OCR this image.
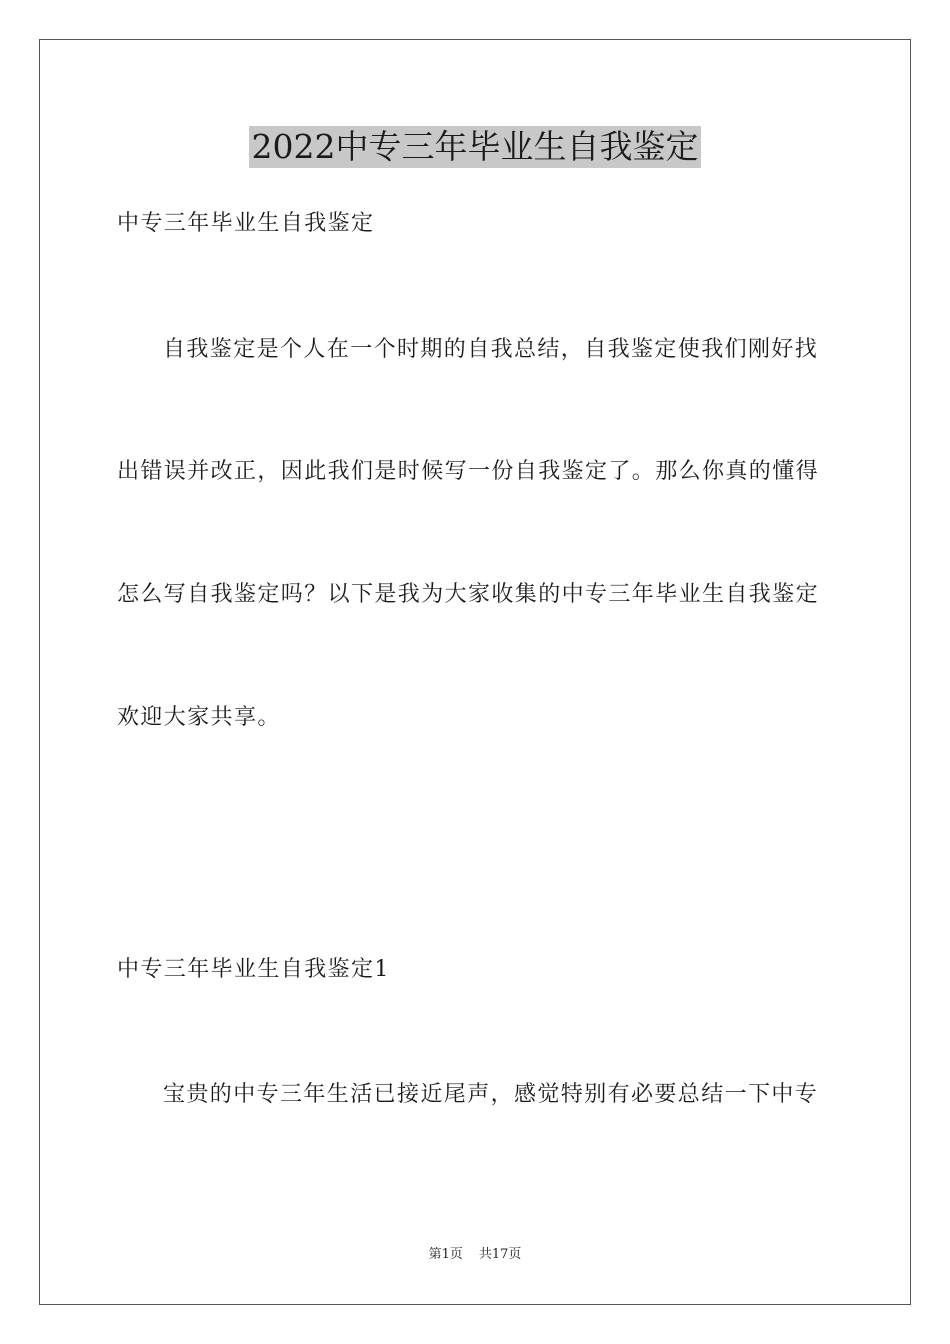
2022中专三年毕业生自我鉴定

中专三年毕业生自我鉴定

自我鉴定是个人在一个时期的自我总结，自我鉴定使我们刚好找

出错误并改正，因此我们是时候写一份自我鉴定了。那么你真的懂得

怎么写自我鉴定吗？以下是我为大家收集的中专三年毕业生自我鉴定

欢迎大家共享。

中专三年毕业生自我鉴定1

宝贵的中专三年生活已接近尾声，感觉特别有必要总结一下中专

第1页 共17页
